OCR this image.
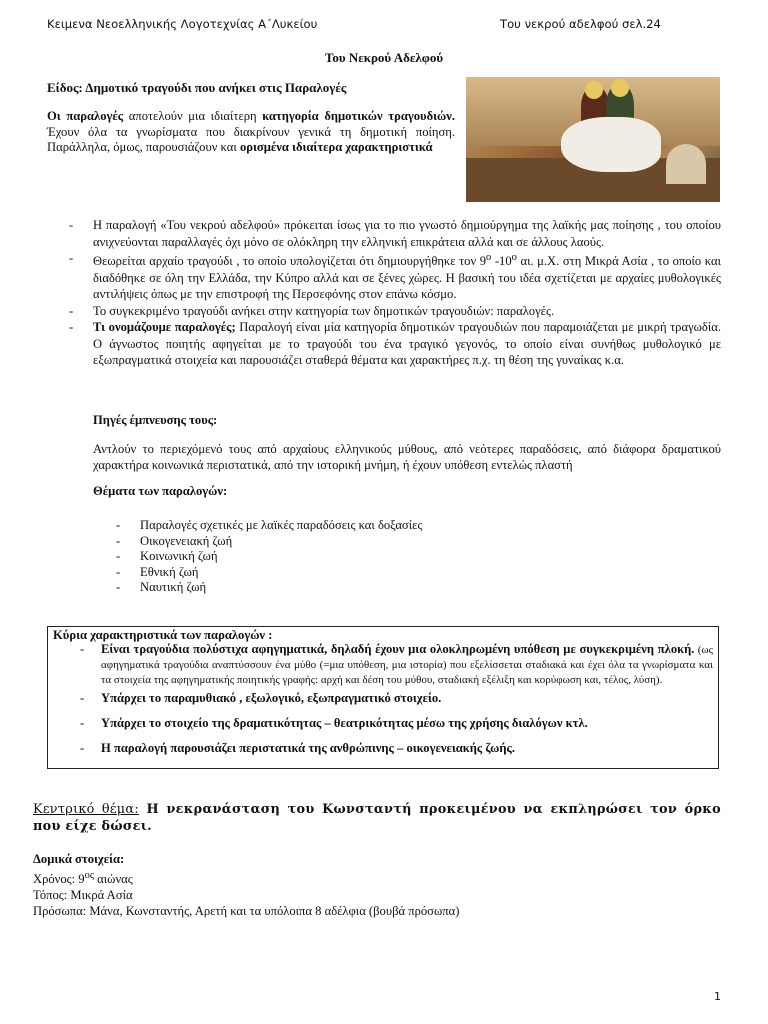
Κειμενα Νεοελληνικής Λογοτεχνίας Α΄Λυκείου	Του νεκρού αδελφού σελ.24
Του Νεκρού Αδελφού
Είδος: Δημοτικό τραγούδι που ανήκει στις Παραλογές
Οι παραλογές αποτελούν μια ιδιαίτερη κατηγορία δημοτικών τραγουδιών. Έχουν όλα τα γνωρίσματα που διακρίνουν γενικά τη δημοτική ποίηση. Παράλληλα, όμως, παρουσιάζουν και ορισμένα ιδιαίτερα χαρακτηριστικά
- Η παραλογή «Του νεκρού αδελφού» πρόκειται ίσως για το πιο γνωστό δημιούργημα της λαϊκής μας ποίησης , του οποίου ανιχνεύονται παραλλαγές όχι μόνο σε ολόκληρη την ελληνική επικράτεια αλλά και σε άλλους λαούς.
- Θεωρείται αρχαίο τραγούδι , το οποίο υπολογίζεται ότι δημιουργήθηκε τον $9^o$ $-10^o$ αι. μ.Χ. στη Μικρά Ασία , το οποίο και διαδόθηκε σε όλη την Ελλάδα, την Κύπρο αλλά και σε ξένες χώρες. Η βασική του ιδέα σχετίζεται με αρχαίες μυθολογικές αντιλήψεις όπως με την επιστροφή της Περσεφόνης στον επάνω κόσμο.
- Το συγκεκριμένο τραγούδι ανήκει στην κατηγορία των δημοτικών τραγουδιών: παραλογές.
- Τι ονομάζουμε παραλογές; Παραλογή είναι μία κατηγορία δημοτικών τραγουδιών που παραμοιάζεται με μικρή τραγωδία. Ο άγνωστος ποιητής αφηγείται με το τραγούδι του ένα τραγικό γεγονός, το οποίο είναι συνήθως μυθολογικό με εξωπραγματικά στοιχεία και παρουσιάζει σταθερά θέματα και χαρακτήρες π.χ. τη θέση της γυναίκας κ.α.
Πηγές έμπνευσης τους:
Αντλούν το περιεχόμενό τους από αρχαίους ελληνικούς μύθους, από νεότερες παραδόσεις, από διάφορα δραματικού χαρακτήρα κοινωνικά περιστατικά, από την ιστορική μνήμη, ή έχουν υπόθεση εντελώς πλαστή
Θέματα των παραλογών:
- Παραλογές σχετικές με λαϊκές παραδόσεις και δοξασίες
- Οικογενειακή ζωή
- Κοινωνική ζωή
- Εθνική ζωή
- Ναυτική ζωή
Κύρια χαρακτηριστικά των παραλογών :
- Είναι τραγούδια πολύστιχα αφηγηματικά, δηλαδή έχουν μια ολοκληρωμένη υπόθεση με συγκεκριμένη πλοκή. (ως αφηγηματικά τραγούδια αναπτύσσουν ένα μύθο (=μια υπόθεση, μια ιστορία) που εξελίσσεται σταδιακά και έχει όλα τα γνωρίσματα και τα στοιχεία της αφηγηματικής ποιητικής γραφής: αρχή και δέση του μύθου, σταδιακή εξέλιξη και κορύφωση και, τέλος, λύση).
- Υπάρχει το παραμυθιακό , εξωλογικό, εξωπραγματικό στοιχείο.
- Υπάρχει το στοιχείο της δραματικότητας – θεατρικότητας μέσω της χρήσης διαλόγων κτλ.
- Η παραλογή παρουσιάζει περιστατικά της ανθρώπινης – οικογενειακής ζωής.
Κεντρικό θέμα: Η νεκρανάσταση του Κωνσταντή προκειμένου να εκπληρώσει τον όρκο που είχε δώσει.
Δομικά στοιχεία:
Χρόνος: $9^{o\varsigma}$ αιώνας
Τόπος: Μικρά Ασία
Πρόσωπα: Μάνα, Κωνσταντής, Αρετή και τα υπόλοιπα 8 αδέλφια (βουβά πρόσωπα)
1
